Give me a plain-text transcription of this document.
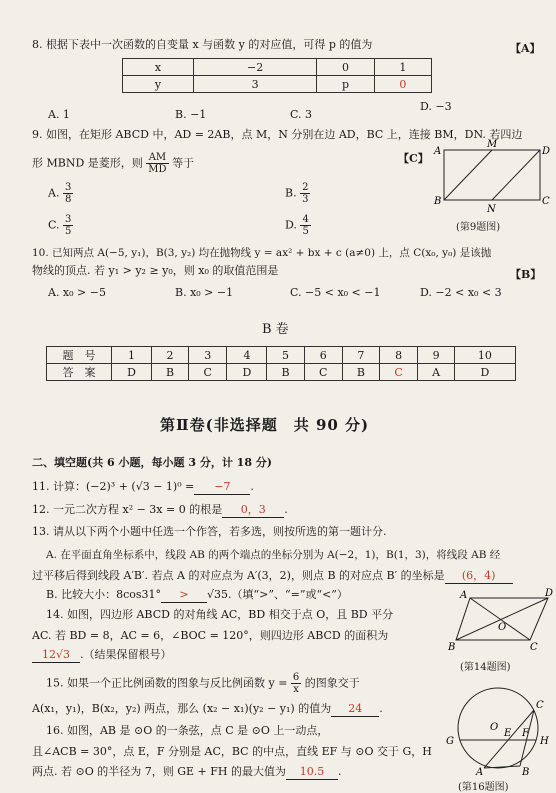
8. 根据下表中一次函数的自变量 x 与函数 y 的对应值，可得 p 的值为	【A】
x	−2	0	1
y	3	p	0
A. 1	B. −1	C. 3
D. −3
9. 如图，在矩形 ABCD 中，AD = 2AB，点 M，N 分别在边 AD，BC 上，连接 BM，DN. 若四边
形 MBND 是菱形，则 $\frac{AM}{MD}$ 等于	【C】
A. $\frac{3}{8}$	B. $\frac{2}{3}$
C. $\frac{3}{5}$	D. $\frac{4}{5}$
A
M
D
B
N
C
(第9题图)
10. 已知两点 A(−5, y₁)，B(3, y₂) 均在抛物线 y = ax² + bx + c (a≠0) 上，点 C(x₀, y₀) 是该抛
物线的顶点. 若 y₁ > y₂ ≥ y₀，则 x₀ 的取值范围是	【B】
A. x₀ > −5	B. x₀ > −1	C. −5 < x₀ < −1	D. −2 < x₀ < 3
B 卷
题　号	1	2	3	4	5	6	7	8	9	10
答　案	D	B	C	D	B	C	B	C	A	D
第Ⅱ卷(非选择题　共 90 分)
二、填空题(共 6 小题，每小题 3 分，计 18 分)
11. 计算：(−2)³ + (√3 − 1)⁰ = −7 .
12. 一元二次方程 x² − 3x = 0 的根是 0，3 .
13. 请从以下两个小题中任选一个作答，若多选，则按所选的第一题计分.
A. 在平面直角坐标系中，线段 AB 的两个端点的坐标分别为 A(−2，1)，B(1，3)，将线段 AB 经
过平移后得到线段 A′B′. 若点 A 的对应点为 A′(3，2)，则点 B 的对应点 B′ 的坐标是 (6，4)
B. 比较大小：8cos31° > √35.（填“>”、“=”或“<”）
14. 如图，四边形 ABCD 的对角线 AC，BD 相交于点 O，且 BD 平分
AC. 若 BD = 8，AC = 6，∠BOC = 120°，则四边形 ABCD 的面积为
12√3 .（结果保留根号）
A	D
O
B	C
(第14题图)
15. 如果一个正比例函数的图象与反比例函数 $y = \frac{6}{x}$ 的图象交于
A(x₁，y₁)，B(x₂，y₂) 两点，那么 (x₂ − x₁)(y₂ − y₁) 的值为 24 .
16. 如图，AB 是 ⊙O 的一条弦，点 C 是 ⊙O 上一动点，
且∠ACB = 30°，点 E，F 分别是 AC，BC 的中点，直线 EF 与 ⊙O 交于 G，H
两点. 若 ⊙O 的半径为 7，则 GE + FH 的最大值为 10.5 .
C
O
E F
H
G
A	B
(第16题图)
